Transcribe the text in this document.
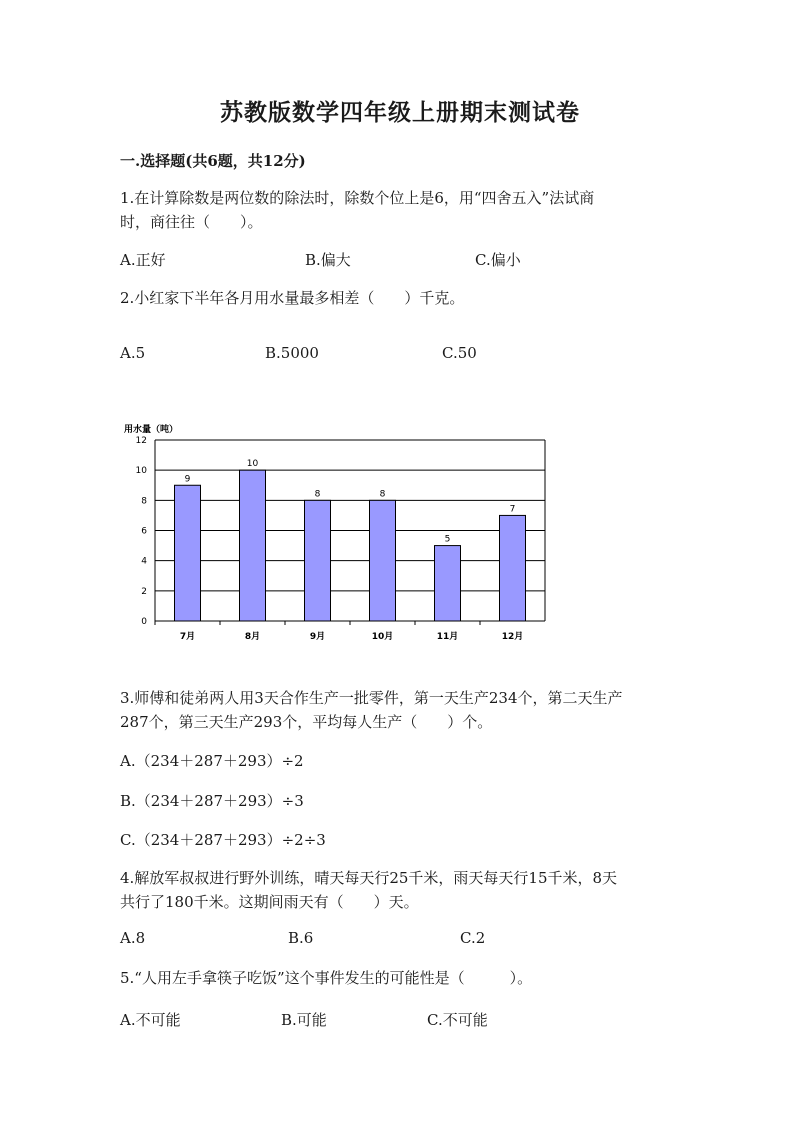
苏教版数学四年级上册期末测试卷
一.选择题(共6题，共12分)
1.在计算除数是两位数的除法时，除数个位上是6，用“四舍五入”法试商
时，商往往（　　）。
A.正好	B.偏大	C.偏小
2.小红家下半年各月用水量最多相差（　　）千克。
A.5	B.5000	C.50
用水量（吨）
0
2
4
6
8
10
12
9
7月
10
8月
8
9月
8
10月
5
11月
7
12月
3.师傅和徒弟两人用3天合作生产一批零件，第一天生产234个，第二天生产
287个，第三天生产293个，平均每人生产（　　）个。
A.（234＋287＋293）÷2
B.（234＋287＋293）÷3
C.（234＋287＋293）÷2÷3
4.解放军叔叔进行野外训练，晴天每天行25千米，雨天每天行15千米，8天
共行了180千米。这期间雨天有（　　）天。
A.8	B.6	C.2
5.“人用左手拿筷子吃饭”这个事件发生的可能性是（　　　）。
A.不可能	B.可能	C.不可能
